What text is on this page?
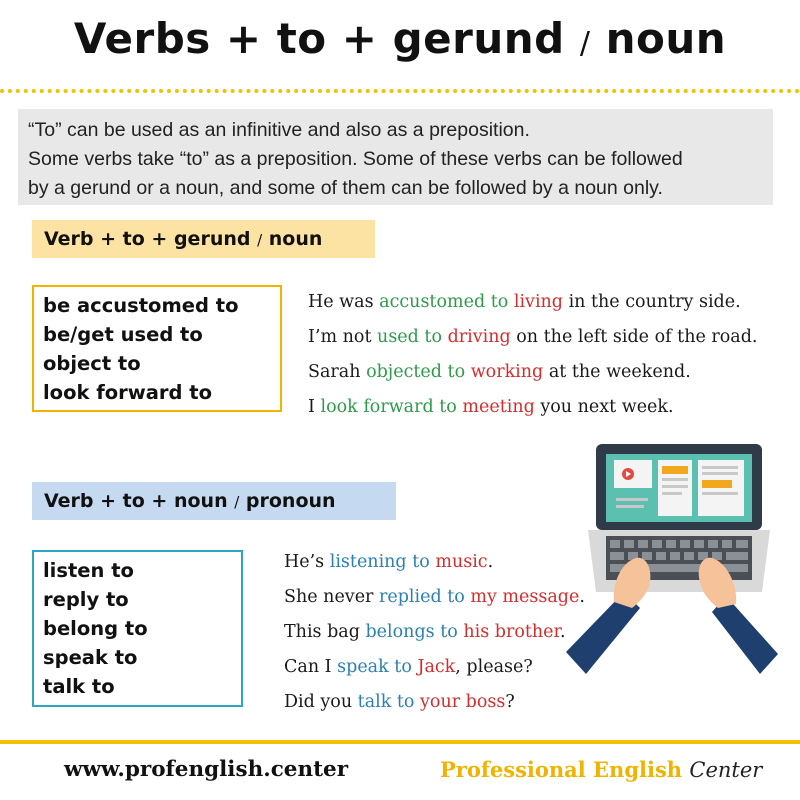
Verbs + to + gerund / noun
“To” can be used as an infinitive and also as a preposition.
Some verbs take “to” as a preposition. Some of these verbs can be followed
by a gerund or a noun, and some of them can be followed by a noun only.
Verb + to + gerund / noun
be accustomed to
be/get used to
object to
look forward to
He was accustomed to living in the country side.
I’m not used to driving on the left side of the road.
Sarah objected to working at the weekend.
I look forward to meeting you next week.
Verb + to + noun / pronoun
listen to
reply to
belong to
speak to
talk to
He’s listening to music.
She never replied to my message.
This bag belongs to his brother.
Can I speak to Jack, please?
Did you talk to your boss?
www.profenglish.center	Professional English Center
